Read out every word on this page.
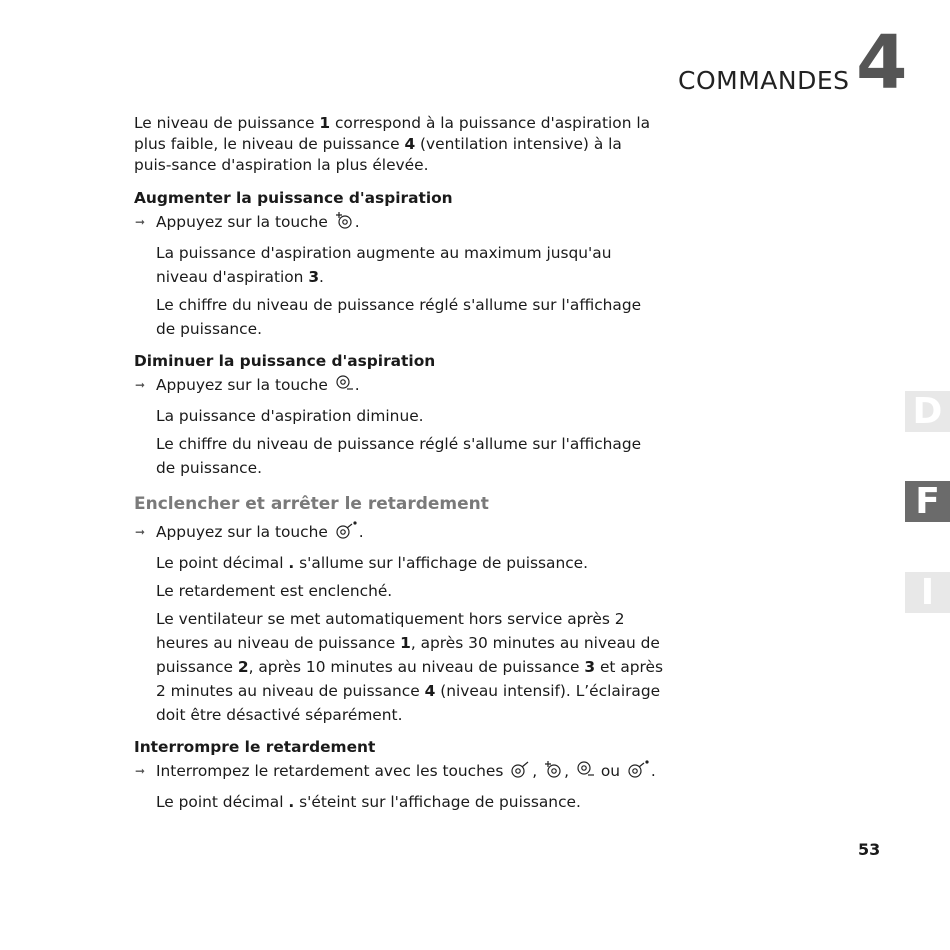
COMMANDES 4

Le niveau de puissance 1 correspond à la puissance d'aspiration la plus faible, le niveau de puissance 4 (ventilation intensive) à la puis-sance d'aspiration la plus élevée.

Augmenter la puissance d'aspiration

➞ Appuyez sur la touche .

La puissance d'aspiration augmente au maximum jusqu'au niveau d'aspiration 3.

Le chiffre du niveau de puissance réglé s'allume sur l'affichage de puissance.

Diminuer la puissance d'aspiration

➞ Appuyez sur la touche .

La puissance d'aspiration diminue.

Le chiffre du niveau de puissance réglé s'allume sur l'affichage de puissance.

Enclencher et arrêter le retardement

➞ Appuyez sur la touche .

Le point décimal . s'allume sur l'affichage de puissance.

Le retardement est enclenché.

Le ventilateur se met automatiquement hors service après 2 heures au niveau de puissance 1, après 30 minutes au niveau de puissance 2, après 10 minutes au niveau de puissance 3 et après 2 minutes au niveau de puissance 4 (niveau intensif). L’éclairage doit être désactivé séparément.

Interrompre le retardement

➞ Interrompez le retardement avec les touches , , ou .

Le point décimal . s'éteint sur l'affichage de puissance.

D
F
I
53
